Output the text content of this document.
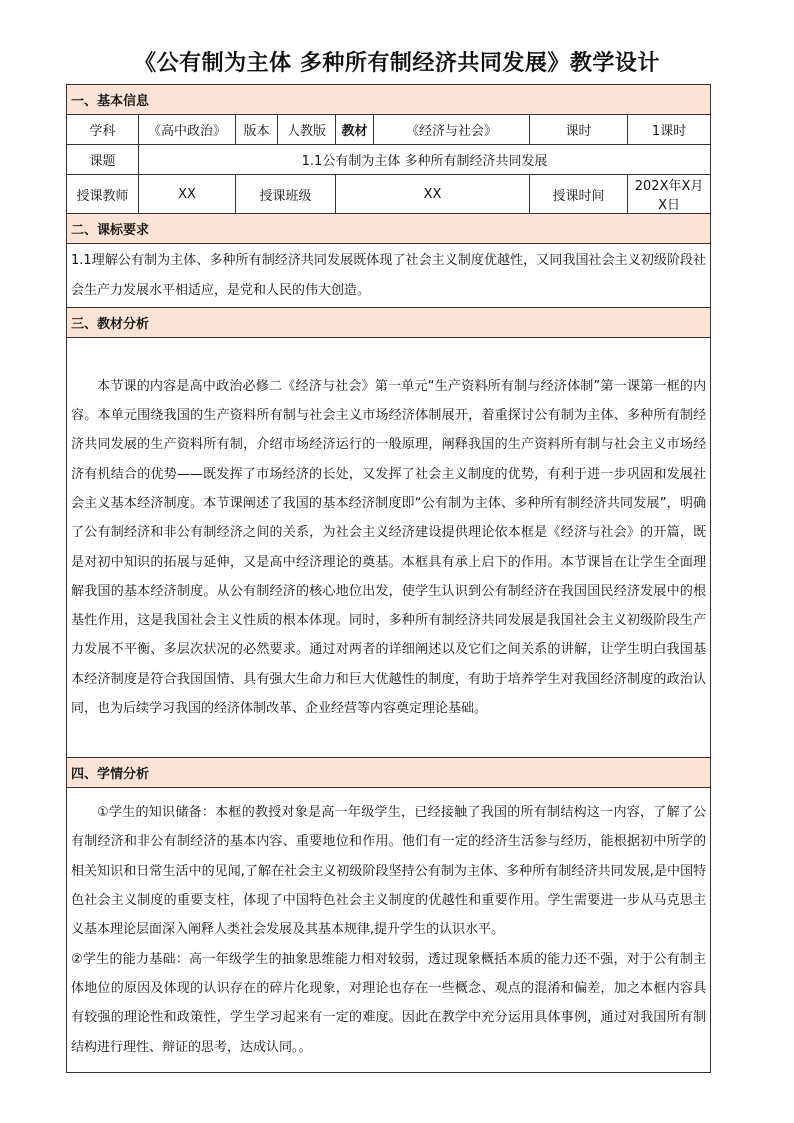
《公有制为主体 多种所有制经济共同发展》教学设计
一、基本信息							
学科	《高中政治》	版本	人教版	教材	《经济与社会》	课时	1课时
课题	1.1公有制为主体 多种所有制经济共同发展						
授课教师	XX	授课班级		XX		授课时间	202X年X月X日
二、课标要求							

1.1理解公有制为主体、多种所有制经济共同发展既体现了社会主义制度优越性，又同我国社会主义初级阶段社会生产力发展水平相适应，是党和人民的伟大创造。							

三、教材分析							

本节课的内容是高中政治必修二《经济与社会》第一单元“生产资料所有制与经济体制”第一课第一框的内容。本单元围绕我国的生产资料所有制与社会主义市场经济体制展开，着重探讨公有制为主体、多种所有制经济共同发展的生产资料所有制，介绍市场经济运行的一般原理，阐释我国的生产资料所有制与社会主义市场经济有机结合的优势——既发挥了市场经济的长处，又发挥了社会主义制度的优势，有利于进一步巩固和发展社会主义基本经济制度。本节课阐述了我国的基本经济制度即“公有制为主体、多种所有制经济共同发展”，明确了公有制经济和非公有制经济之间的关系，为社会主义经济建设提供理论依本框是《经济与社会》的开篇，既是对初中知识的拓展与延伸，又是高中经济理论的奠基。本框具有承上启下的作用。本节课旨在让学生全面理解我国的基本经济制度。从公有制经济的核心地位出发，使学生认识到公有制经济在我国国民经济发展中的根基性作用，这是我国社会主义性质的根本体现。同时，多种所有制经济共同发展是我国社会主义初级阶段生产力发展不平衡、多层次状况的必然要求。通过对两者的详细阐述以及它们之间关系的讲解，让学生明白我国基本经济制度是符合我国国情、具有强大生命力和巨大优越性的制度，有助于培养学生对我国经济制度的政治认同，也为后续学习我国的经济体制改革、企业经营等内容奠定理论基础。							

四、学情分析							

①学生的知识储备：本框的教授对象是高一年级学生，已经接触了我国的所有制结构这一内容，了解了公有制经济和非公有制经济的基本内容、重要地位和作用。他们有一定的经济生活参与经历，能根据初中所学的相关知识和日常生活中的见闻,了解在社会主义初级阶段坚持公有制为主体、多种所有制经济共同发展,是中国特色社会主义制度的重要支柱，体现了中国特色社会主义制度的优越性和重要作用。学生需要进一步从马克思主义基本理论层面深入阐释人类社会发展及其基本规律,提升学生的认识水平。

②学生的能力基础：高一年级学生的抽象思维能力相对较弱，透过现象概括本质的能力还不强，对于公有制主体地位的原因及体现的认识存在的碎片化现象，对理论也存在一些概念、观点的混淆和偏差，加之本框内容具有较强的理论性和政策性，学生学习起来有一定的难度。因此在教学中充分运用具体事例，通过对我国所有制结构进行理性、辩证的思考，达成认同。。							
